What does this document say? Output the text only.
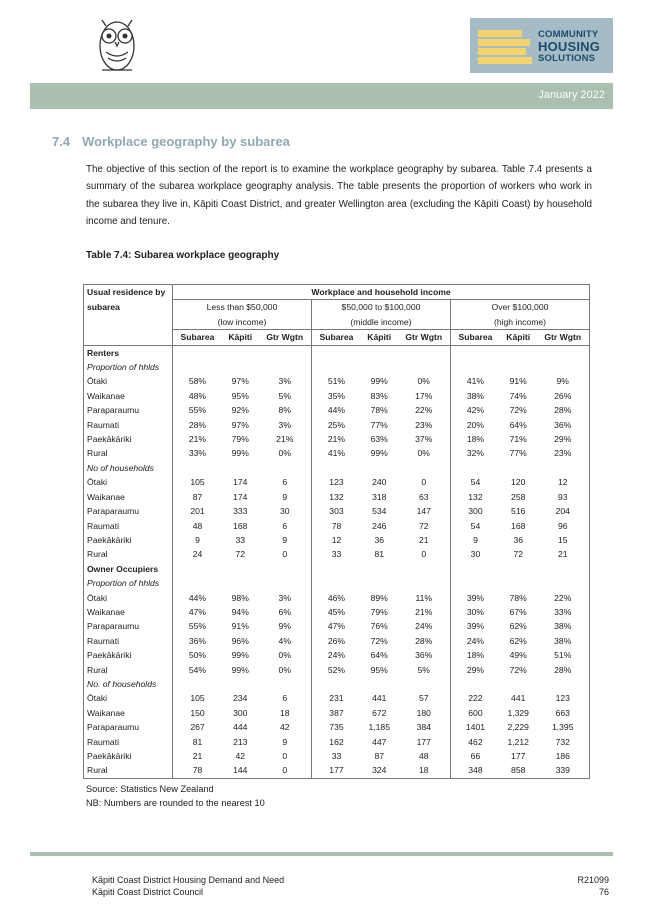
COMMUNITY
HOUSING
SOLUTIONS
January 2022
7.4 Workplace geography by subarea
The objective of this section of the report is to examine the workplace geography by subarea. Table 7.4 presents a summary of the subarea workplace geography analysis. The table presents the proportion of workers who work in the subarea they live in, Kāpiti Coast District, and greater Wellington area (excluding the Kāpiti Coast) by household income and tenure.
Table 7.4: Subarea workplace geography
Usual residence by	Workplace and household income								
subarea	Less than $50,000			$50,000 to $100,000			Over $100,000		
	(low income)			(middle income)			(high income)		
	Subarea	Kāpiti	Gtr Wgtn	Subarea	Kāpiti	Gtr Wgtn	Subarea	Kāpiti	Gtr Wgtn
Renters									
Proportion of hhlds									
Ōtaki	58%	97%	3%	51%	99%	0%	41%	91%	9%
Waikanae	48%	95%	5%	35%	83%	17%	38%	74%	26%
Paraparaumu	55%	92%	8%	44%	78%	22%	42%	72%	28%
Raumati	28%	97%	3%	25%	77%	23%	20%	64%	36%
Paekākāriki	21%	79%	21%	21%	63%	37%	18%	71%	29%
Rural	33%	99%	0%	41%	99%	0%	32%	77%	23%
No of households									
Ōtaki	105	174	6	123	240	0	54	120	12
Waikanae	87	174	9	132	318	63	132	258	93
Paraparaumu	201	333	30	303	534	147	300	516	204
Raumati	48	168	6	78	246	72	54	168	96
Paekākāriki	9	33	9	12	36	21	9	36	15
Rural	24	72	0	33	81	0	30	72	21
Owner Occupiers									
Proportion of hhlds									
Ōtaki	44%	98%	3%	46%	89%	11%	39%	78%	22%
Waikanae	47%	94%	6%	45%	79%	21%	30%	67%	33%
Paraparaumu	55%	91%	9%	47%	76%	24%	39%	62%	38%
Raumati	36%	96%	4%	26%	72%	28%	24%	62%	38%
Paekākāriki	50%	99%	0%	24%	64%	36%	18%	49%	51%
Rural	54%	99%	0%	52%	95%	5%	29%	72%	28%
No. of households									
Ōtaki	105	234	6	231	441	57	222	441	123
Waikanae	150	300	18	387	672	180	600	1,329	663
Paraparaumu	267	444	42	735	1,185	384	1401	2,229	1,395
Raumati	81	213	9	162	447	177	462	1,212	732
Paekākāriki	21	42	0	33	87	48	66	177	186
Rural	78	144	0	177	324	18	348	858	339
Source: Statistics New Zealand
NB: Numbers are rounded to the nearest 10
Kāpiti Coast District Housing Demand and Need
Kāpiti Coast District Council
R21099
76
